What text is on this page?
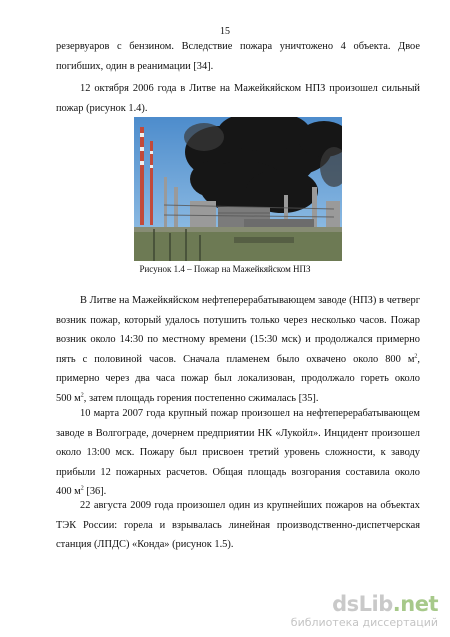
15
резервуаров с бензином. Вследствие пожара уничтожено 4 объекта. Двое
погибших, один в реанимации [34].
12 октября 2006 года в Литве на Мажейкяйском НПЗ произошел сильный
пожар (рисунок 1.4).
Рисунок 1.4 – Пожар на Мажейкяйском НПЗ
В Литве на Мажейкяйском нефтеперерабатывающем заводе (НПЗ) в четверг
возник пожар, который удалось потушить только через несколько часов. Пожар
возник около 14:30 по местному времени (15:30 мск) и продолжался примерно
пять с половиной часов. Сначала пламенем было охвачено около 800 $м^2$,
примерно через два часа пожар был локализован, продолжало гореть около
500 $м^2$, затем площадь горения постепенно сжималась [35].
10 марта 2007 года крупный пожар произошел на нефтеперерабатывающем
заводе в Волгограде, дочернем предприятии НК «Лукойл». Инцидент произошел
около 13:00 мск. Пожару был присвоен третий уровень сложности, к заводу
прибыли 12 пожарных расчетов. Общая площадь возгорания составила около
400 $м^2$ [36].
22 августа 2009 года произошел один из крупнейших пожаров на объектах
ТЭК России: горела и взрывалась линейная производственно-диспетчерская
станция (ЛПДС) «Конда» (рисунок 1.5).
dsLib.net
библиотека диссертаций
